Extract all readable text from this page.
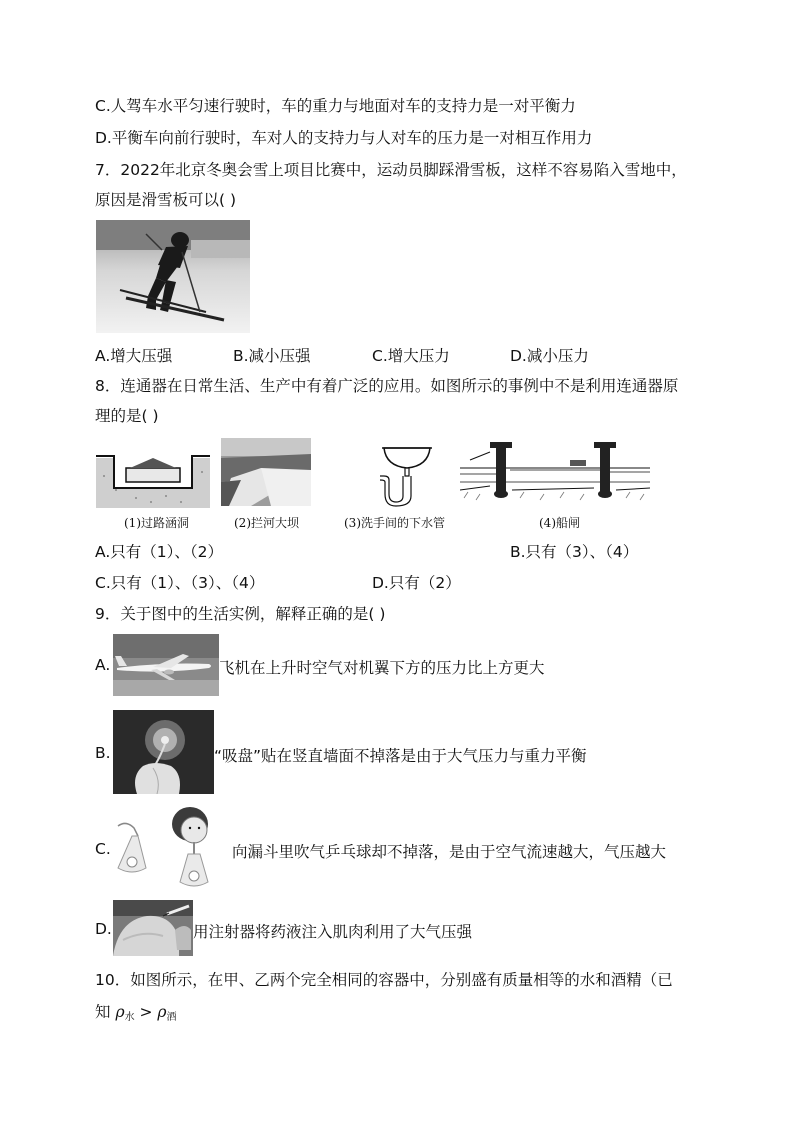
C.人驾车水平匀速行驶时，车的重力与地面对车的支持力是一对平衡力
D.平衡车向前行驶时，车对人的支持力与人对车的压力是一对相互作用力
7．2022年北京冬奥会雪上项目比赛中，运动员脚踩滑雪板，这样不容易陷入雪地中，
原因是滑雪板可以( )
A.增大压强	B.减小压强	C.增大压力	D.减小压力
8．连通器在日常生活、生产中有着广泛的应用。如图所示的事例中不是利用连通器原
理的是( )
(1)过路涵洞	(2)拦河大坝	(3)洗手间的下水管	(4)船闸
A.只有（1）、（2）	B.只有（3）、（4）
C.只有（1）、（3）、（4）	D.只有（2）
9．关于图中的生活实例，解释正确的是( )
A.	飞机在上升时空气对机翼下方的压力比上方更大
B.	“吸盘”贴在竖直墙面不掉落是由于大气压力与重力平衡
C.	向漏斗里吹气乒乓球却不掉落，是由于空气流速越大，气压越大
D.	用注射器将药液注入肌肉利用了大气压强
10．如图所示，在甲、乙两个完全相同的容器中，分别盛有质量相等的水和酒精（已
知 $\rho_水 > \rho_酒$
